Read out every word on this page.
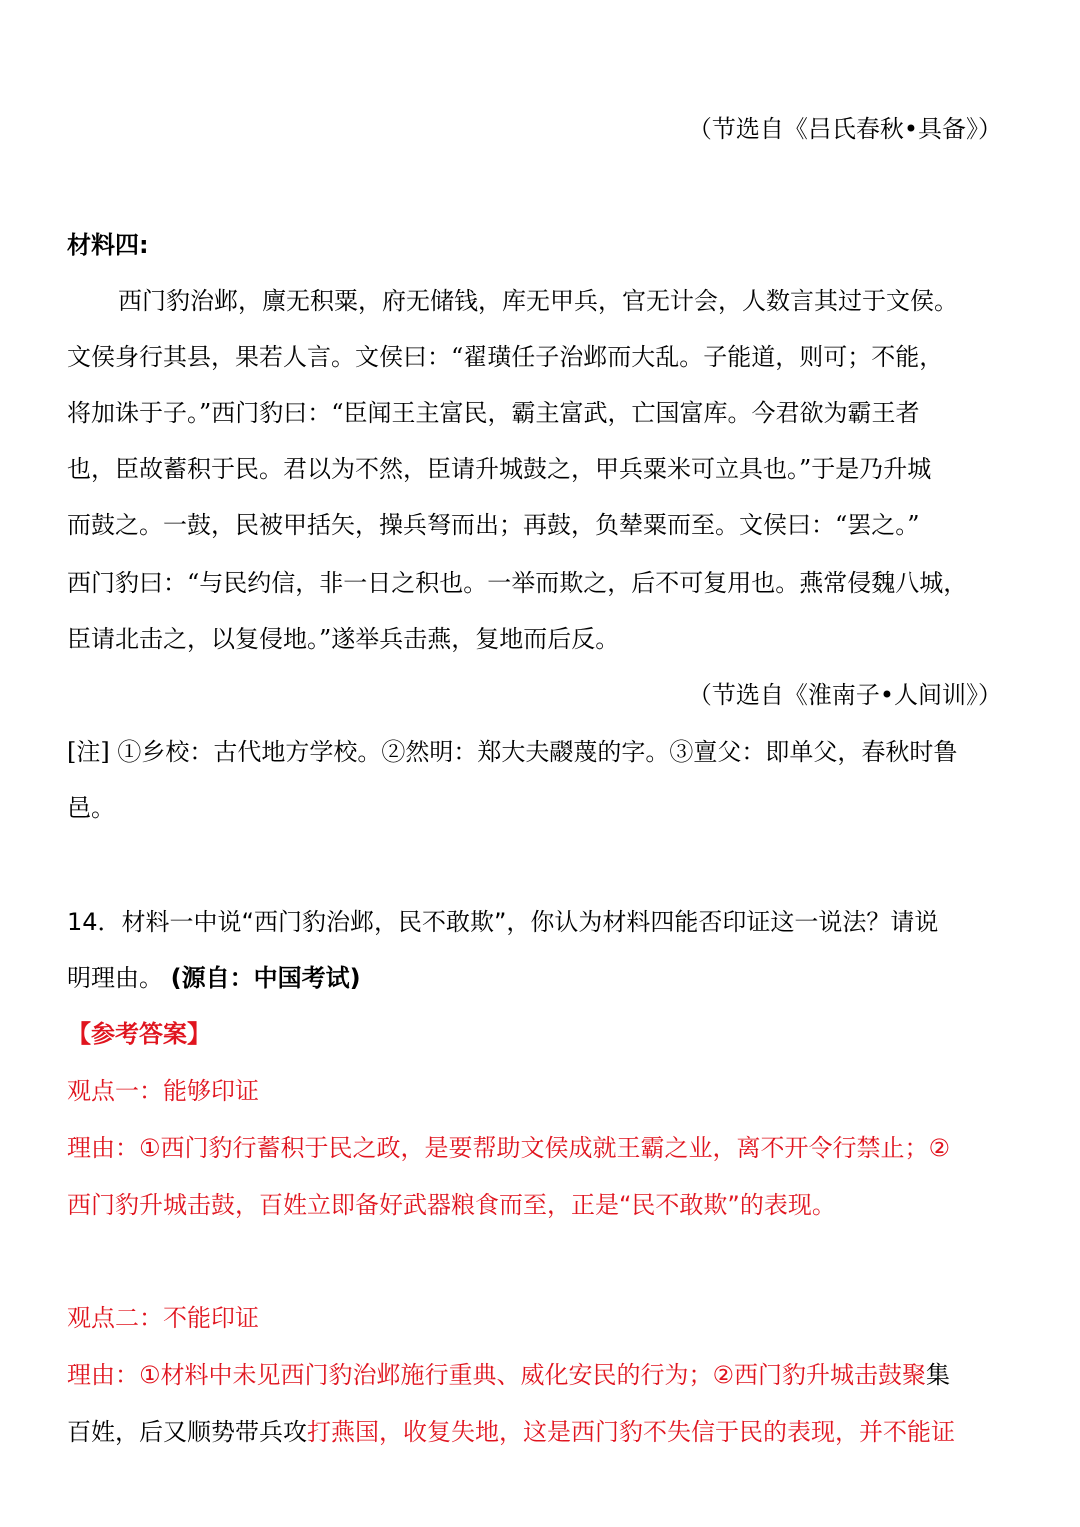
（节选自《吕氏春秋•具备》）
材料四:
西门豹治邺，廪无积粟，府无储钱，库无甲兵，官无计会，人数言其过于文侯。
文侯身行其县，果若人言。文侯曰：“翟璜任子治邺而大乱。子能道，则可；不能，
将加诛于子。”西门豹曰：“臣闻王主富民，霸主富武，亡国富库。今君欲为霸王者
也，臣故蓄积于民。君以为不然，臣请升城鼓之，甲兵粟米可立具也。”于是乃升城
而鼓之。一鼓，民被甲括矢，操兵弩而出；再鼓，负辇粟而至。文侯曰：“罢之。”
西门豹曰：“与民约信，非一日之积也。一举而欺之，后不可复用也。燕常侵魏八城，
臣请北击之，以复侵地。”遂举兵击燕，复地而后反。
（节选自《淮南子•人间训》）
[注] ①乡校：古代地方学校。②然明：郑大夫鬷蔑的字。③亶父：即单父，春秋时鲁
邑。
14．材料一中说“西门豹治邺，民不敢欺”，你认为材料四能否印证这一说法？请说
明理由。 (源自：中国考试)
【参考答案】
观点一：能够印证
理由：①西门豹行蓄积于民之政，是要帮助文侯成就王霸之业，离不开令行禁止；②
西门豹升城击鼓，百姓立即备好武器粮食而至，正是“民不敢欺”的表现。
观点二：不能印证
理由：①材料中未见西门豹治邺施行重典、威化安民的行为；②西门豹升城击鼓聚集
百姓，后又顺势带兵攻打燕国，收复失地，这是西门豹不失信于民的表现，并不能证
